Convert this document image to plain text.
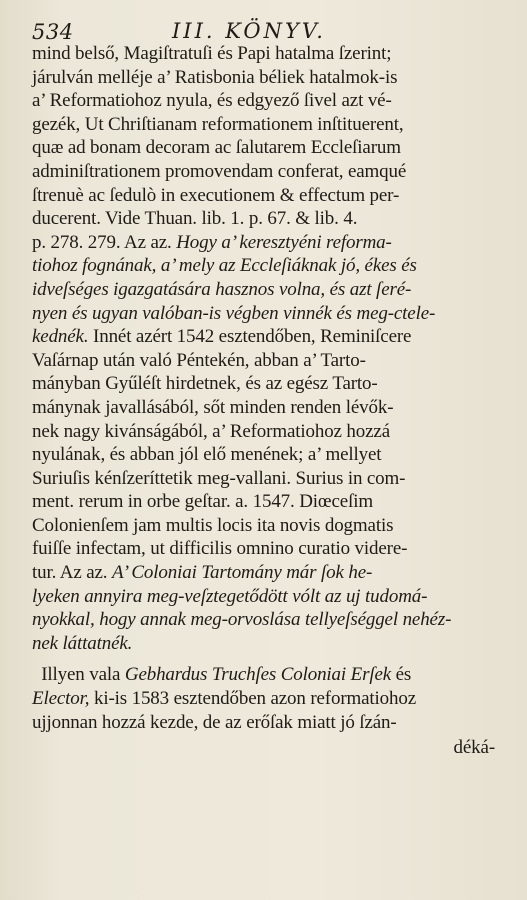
534	III. KÖNYV.
mind belső, Magiſtratuſi és Papi hatalma ſzerint;
járulván melléje a’ Ratisbonia béliek hatalmok-is
a’ Reformatiohoz nyula, és edgyező ſivel azt vé-
gezék, Ut Chriſtianam reformationem inſtituerent,
quæ ad bonam decoram ac ſalutarem Eccleſiarum
adminiſtrationem promovendam conferat, eamqué
ſtrenuè ac ſedulò in executionem & effectum per-
ducerent. Vide Thuan. lib. 1. p. 67. & lib. 4.
p. 278. 279. Az az. Hogy a’ keresztyéni reforma-
tiohoz fognának, a’ mely az Eccleſiáknak jó, ékes és
idveſséges igazgatására hasznos volna, és azt ſeré-
nyen és ugyan valóban-is végben vinnék és meg-ctele-
kednék. Innét azért 1542 esztendőben, Reminiſcere
Vaſárnap után való Péntekén, abban a’ Tarto-
mányban Gyűléſt hirdetnek, és az egész Tarto-
mánynak javallásából, sőt minden renden lévők-
nek nagy kivánságából, a’ Reformatiohoz hozzá
nyulának, és abban jól elő menének; a’ mellyet
Suriuſis kénſzeríttetik meg-vallani. Surius in com-
ment. rerum in orbe geſtar. a. 1547. Diœceſim
Colonienſem jam multis locis ita novis dogmatis
fuiſſe infectam, ut difficilis omnino curatio videre-
tur. Az az. A’ Coloniai Tartomány már ſok he-
lyeken annyira meg-veſztegetődött vólt az uj tudomá-
nyokkal, hogy annak meg-orvoslása tellyeſséggel nehéz-
nek láttatnék.
Illyen vala Gebhardus Truchſes Coloniai Erſek és
Elector, ki-is 1583 esztendőben azon reformatiohoz
ujjonnan hozzá kezde, de az erőſak miatt jó ſzán-
déká-
